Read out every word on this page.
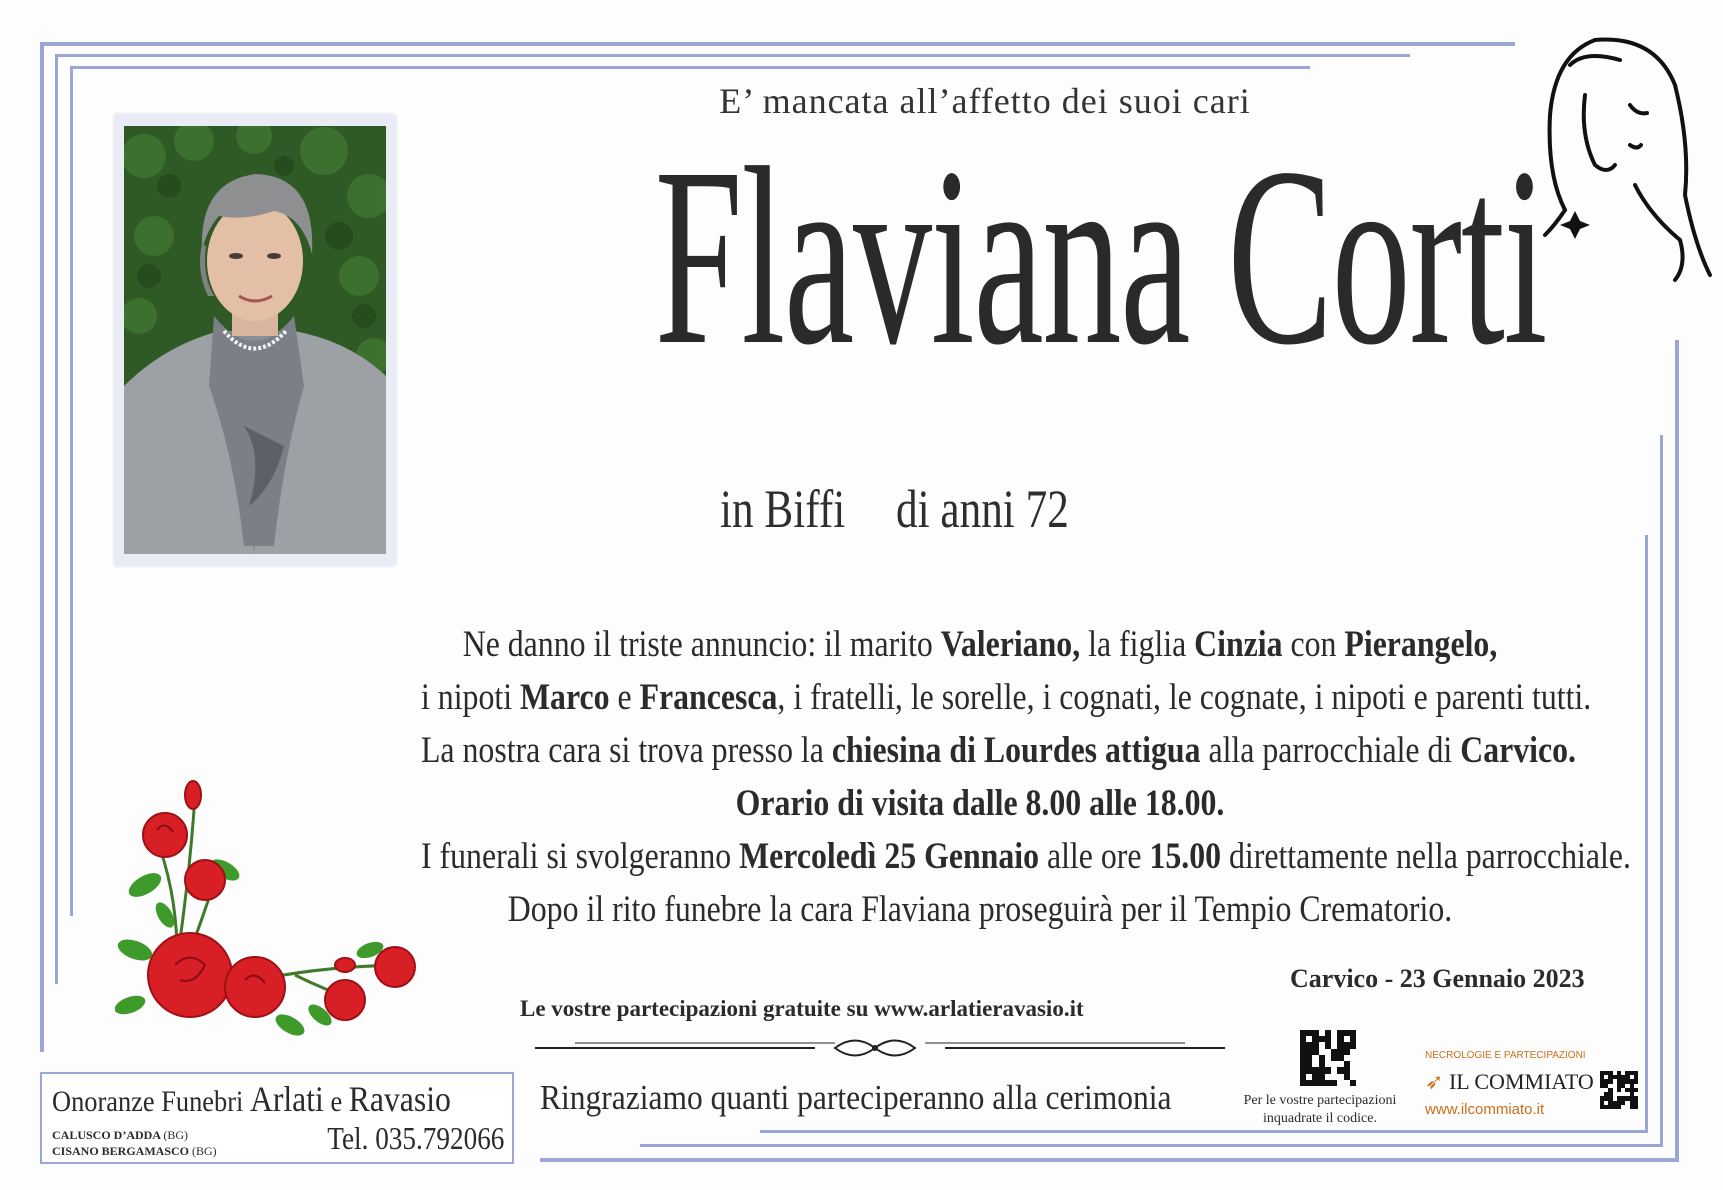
E’ mancata all’affetto dei suoi cari
Flaviana Corti
in Biffi di anni 72

Ne danno il triste annuncio: il marito Valeriano, la figlia Cinzia con Pierangelo,

i nipoti Marco e Francesca, i fratelli, le sorelle, i cognati, le cognate, i nipoti e parenti tutti.

La nostra cara si trova presso la chiesina di Lourdes attigua alla parrocchiale di Carvico.

Orario di visita dalle 8.00 alle 18.00.

I funerali si svolgeranno Mercoledì 25 Gennaio alle ore 15.00 direttamente nella parrocchiale.

Dopo il rito funebre la cara Flaviana proseguirà per il Tempio Crematorio.

Carvico - 23 Gennaio 2023
Le vostre partecipazioni gratuite su www.arlatieravasio.it
Ringraziamo quanti parteciperanno alla cerimonia	Per le vostre partecipazioni
inquadrate il codice.
NECROLOGIE E PARTECIPAZIONI
➶ IL COMMIATO
www.ilcommiato.it
Onoranze Funebri Arlati e Ravasio
CALUSCO D’ADDA (BG)
CISANO BERGAMASCO (BG)	Tel. 035.792066
